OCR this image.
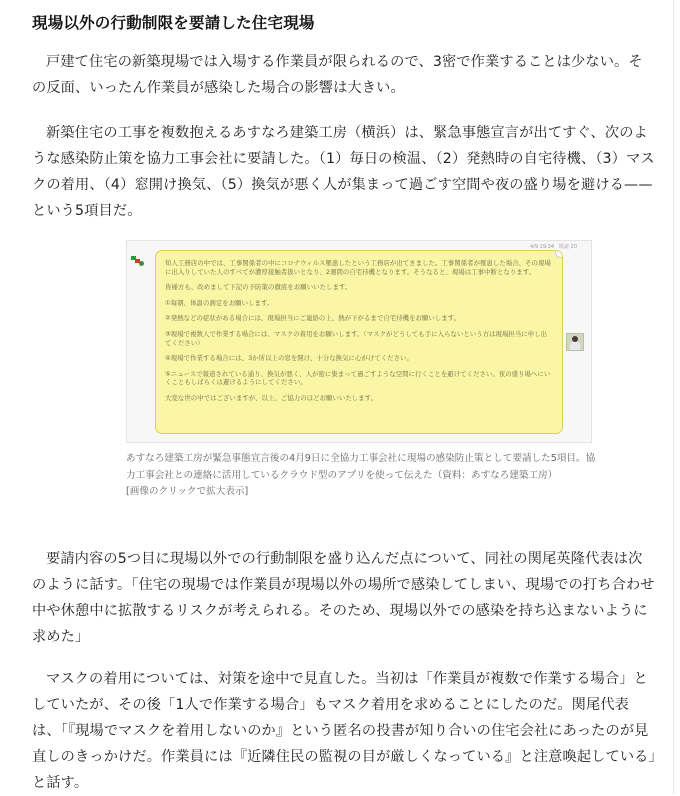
現場以外の行動制限を要請した住宅現場

戸建て住宅の新築現場では入場する作業員が限られるので、3密で作業することは少ない。その反面、いったん作業員が感染した場合の影響は大きい。

新築住宅の工事を複数抱えるあすなろ建築工房（横浜）は、緊急事態宣言が出てすぐ、次のような感染防止策を協力工事会社に要請した。（1）毎日の検温、（2）発熱時の自宅待機、（3）マスクの着用、（4）窓開け換気、（5）換気が悪く人が集まって過ごす空間や夜の盛り場を避ける——という5項目だ。

4/9 19:34　既読 20

知人工務店の中では、工事関係者の中にコロナウィルス罹患したという工務店が出てきました。工事関係者が罹患した場合、その現場に出入りしていた人のすべてが濃厚接触者扱いとなり、2週間の自宅待機となります。そうなると、現場は工事中断となります。

皆様方も、改めまして下記の予防策の徹底をお願いいたします。

①毎朝、体温の測定をお願いします。

②発熱などの症状がある場合には、現場担当にご連絡の上、熱が下がるまで自宅待機をお願いします。

③現場で複数人で作業する場合には、マスクの着用をお願いします。（マスクがどうしても手に入らないという方は現場担当に申し出てください）

④現場で作業する場合には、3か所以上の窓を開け、十分な換気に心がけてください。

⑤ニュースで報道されている通り、換気が悪く、人が密に集まって過ごすような空間に行くことを避けてください。夜の盛り場へにいくこともしばらくは避けるようにしてください。

大変な世の中ではございますが、以上、ご協力のほどお願いいたします。

あすなろ建築工房が緊急事態宣言後の4月9日に全協力工事会社に現場の感染防止策として要請した5項目。協力工事会社との連絡に活用しているクラウド型のアプリを使って伝えた（資料：あすなろ建築工房）
[画像のクリックで拡大表示]

要請内容の5つ目に現場以外での行動制限を盛り込んだ点について、同社の関尾英隆代表は次のように話す。「住宅の現場では作業員が現場以外の場所で感染してしまい、現場での打ち合わせ中や休憩中に拡散するリスクが考えられる。そのため、現場以外での感染を持ち込まないように求めた」

マスクの着用については、対策を途中で見直した。当初は「作業員が複数で作業する場合」としていたが、その後「1人で作業する場合」もマスク着用を求めることにしたのだ。関尾代表は、「『現場でマスクを着用しないのか』という匿名の投書が知り合いの住宅会社にあったのが見直しのきっかけだ。作業員には『近隣住民の監視の目が厳しくなっている』と注意喚起している」と話す。
